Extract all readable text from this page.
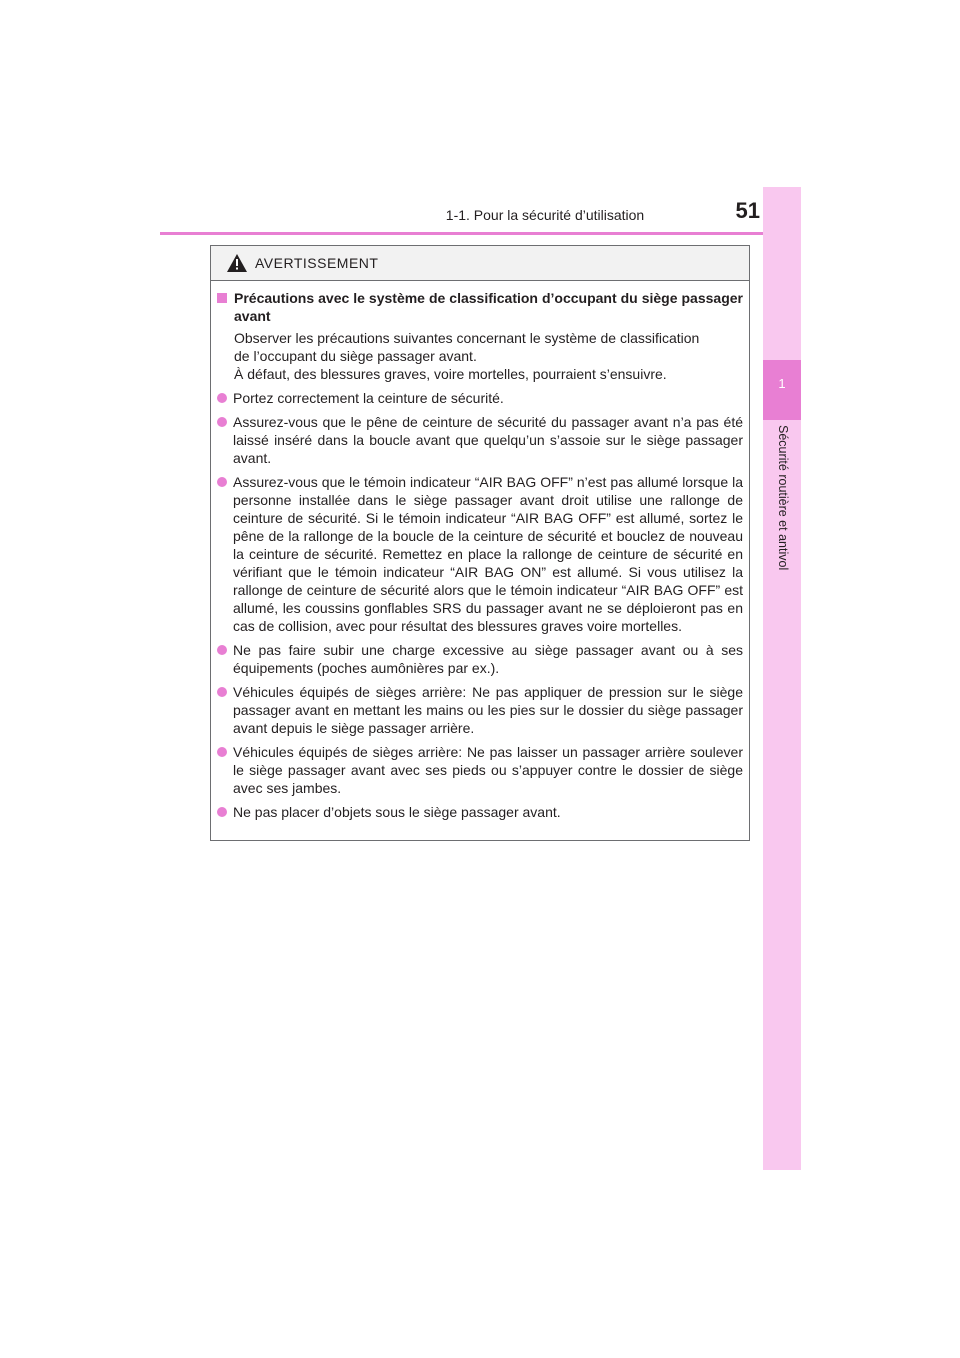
1-1. Pour la sécurité d’utilisation	51
1
Sécurité routière et antivol
AVERTISSEMENT
Précautions avec le système de classification d’occupant du siège passager avant
Observer les précautions suivantes concernant le système de classification
de l’occupant du siège passager avant.
À défaut, des blessures graves, voire mortelles, pourraient s’ensuivre.
Portez correctement la ceinture de sécurité.
Assurez-vous que le pêne de ceinture de sécurité du passager avant n’a pas été laissé inséré dans la boucle avant que quelqu’un s’assoie sur le siège passager avant.
Assurez-vous que le témoin indicateur “AIR BAG OFF” n’est pas allumé lorsque la personne installée dans le siège passager avant droit utilise une rallonge de ceinture de sécurité. Si le témoin indicateur “AIR BAG OFF” est allumé, sortez le pêne de la rallonge de la boucle de la ceinture de sécurité et bouclez de nouveau la ceinture de sécurité. Remettez en place la rallonge de ceinture de sécurité en vérifiant que le témoin indicateur “AIR BAG ON” est allumé. Si vous utilisez la rallonge de ceinture de sécurité alors que le témoin indicateur “AIR BAG OFF” est allumé, les coussins gonflables SRS du passager avant ne se déploieront pas en cas de collision, avec pour résultat des blessures graves voire mortelles.
Ne pas faire subir une charge excessive au siège passager avant ou à ses équipements (poches aumônières par ex.).
Véhicules équipés de sièges arrière: Ne pas appliquer de pression sur le siège passager avant en mettant les mains ou les pies sur le dossier du siège passager avant depuis le siège passager arrière.
Véhicules équipés de sièges arrière: Ne pas laisser un passager arrière soulever le siège passager avant avec ses pieds ou s’appuyer contre le dossier de siège avec ses jambes.
Ne pas placer d’objets sous le siège passager avant.
